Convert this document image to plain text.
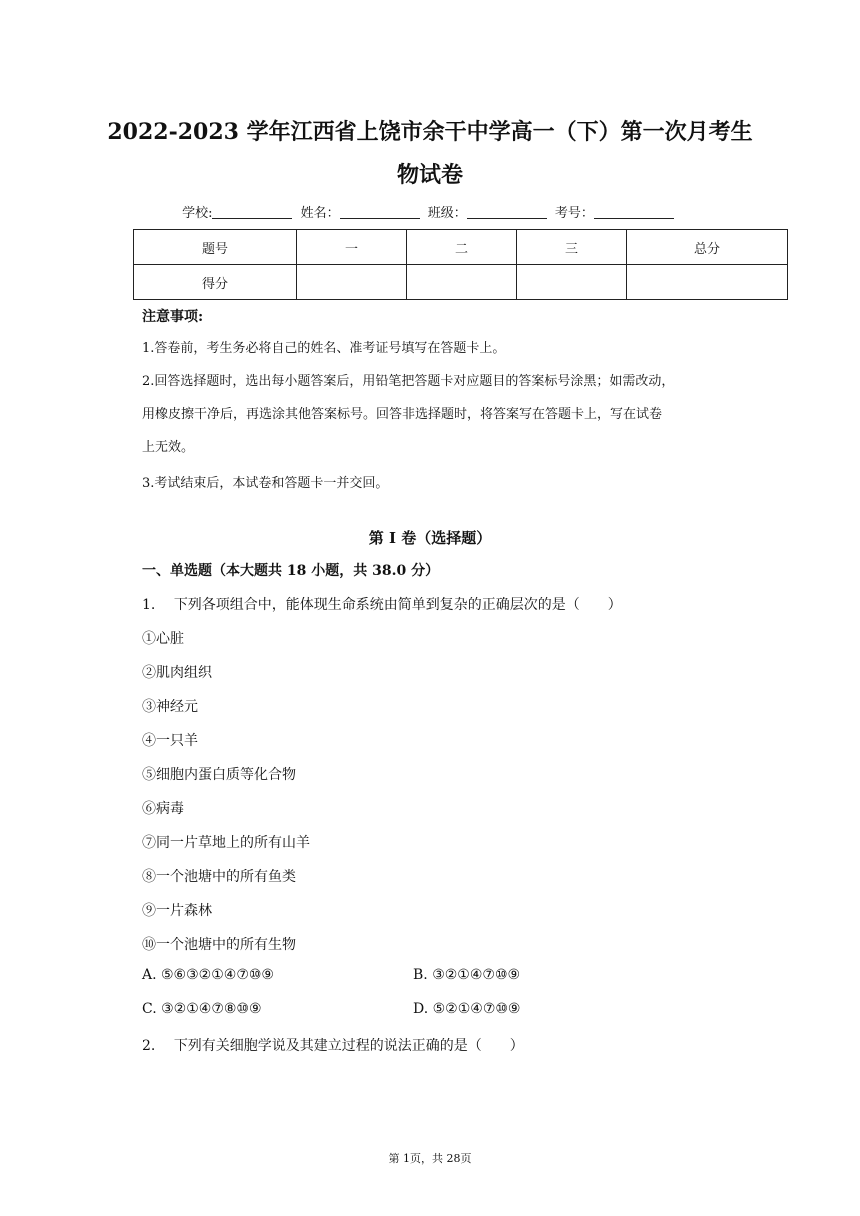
2022-2023 学年江西省上饶市余干中学高一（下）第一次月考生
物试卷
学校:	姓名：	班级：	考号：
题号	一	二	三	总分
得分				
注意事项:
1.答卷前，考生务必将自己的姓名、准考证号填写在答题卡上。
2.回答选择题时，选出每小题答案后，用铅笔把答题卡对应题目的答案标号涂黑；如需改动，
用橡皮擦干净后，再选涂其他答案标号。回答非选择题时，将答案写在答题卡上，写在试卷
上无效。
3.考试结束后，本试卷和答题卡一并交回。
第 I 卷（选择题）
一、单选题（本大题共 18 小题，共 38.0 分）
1. 下列各项组合中，能体现生命系统由简单到复杂的正确层次的是（　　）
①心脏
②肌肉组织
③神经元
④一只羊
⑤细胞内蛋白质等化合物
⑥病毒
⑦同一片草地上的所有山羊
⑧一个池塘中的所有鱼类
⑨一片森林
⑩一个池塘中的所有生物
A. ⑤⑥③②①④⑦⑩⑨	B. ③②①④⑦⑩⑨
C. ③②①④⑦⑧⑩⑨	D. ⑤②①④⑦⑩⑨
2. 下列有关细胞学说及其建立过程的说法正确的是（　　）
第 1页，共 28页
